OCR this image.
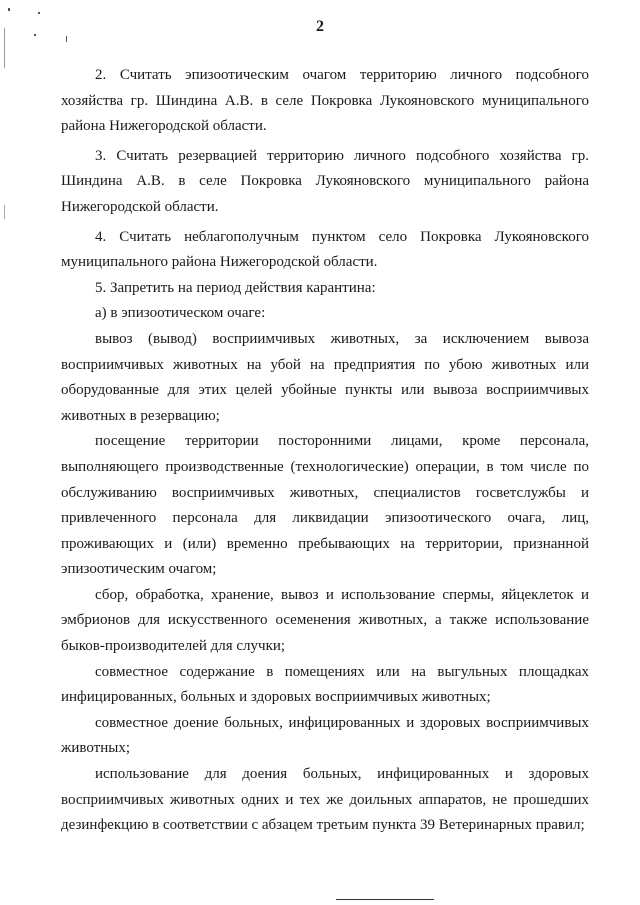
2

2. Считать эпизоотическим очагом территорию личного подсобного хозяйства гр. Шиндина А.В. в селе Покровка Лукояновского муниципального района Нижегородской области.

3. Считать резервацией территорию личного подсобного хозяйства гр. Шиндина А.В. в селе Покровка Лукояновского муниципального района Нижегородской области.

4. Считать неблагополучным пунктом село Покровка Лукояновского муниципального района Нижегородской области.

5. Запретить на период действия карантина:

а) в эпизоотическом очаге:

вывоз (вывод) восприимчивых животных, за исключением вывоза восприимчивых животных на убой на предприятия по убою животных или оборудованные для этих целей убойные пункты или вывоза восприимчивых животных в резервацию;

посещение территории посторонними лицами, кроме персонала, выполняющего производственные (технологические) операции, в том числе по обслуживанию восприимчивых животных, специалистов госветслужбы и привлеченного персонала для ликвидации эпизоотического очага, лиц, проживающих и (или) временно пребывающих на территории, признанной эпизоотическим очагом;

сбор, обработка, хранение, вывоз и использование спермы, яйцеклеток и эмбрионов для искусственного осеменения животных, а также использование быков-производителей для случки;

совместное содержание в помещениях или на выгульных площадках инфицированных, больных и здоровых восприимчивых животных;

совместное доение больных, инфицированных и здоровых восприимчивых животных;

использование для доения больных, инфицированных и здоровых восприимчивых животных одних и тех же доильных аппаратов, не прошедших дезинфекцию в соответствии с абзацем третьим пункта 39 Ветеринарных правил;
